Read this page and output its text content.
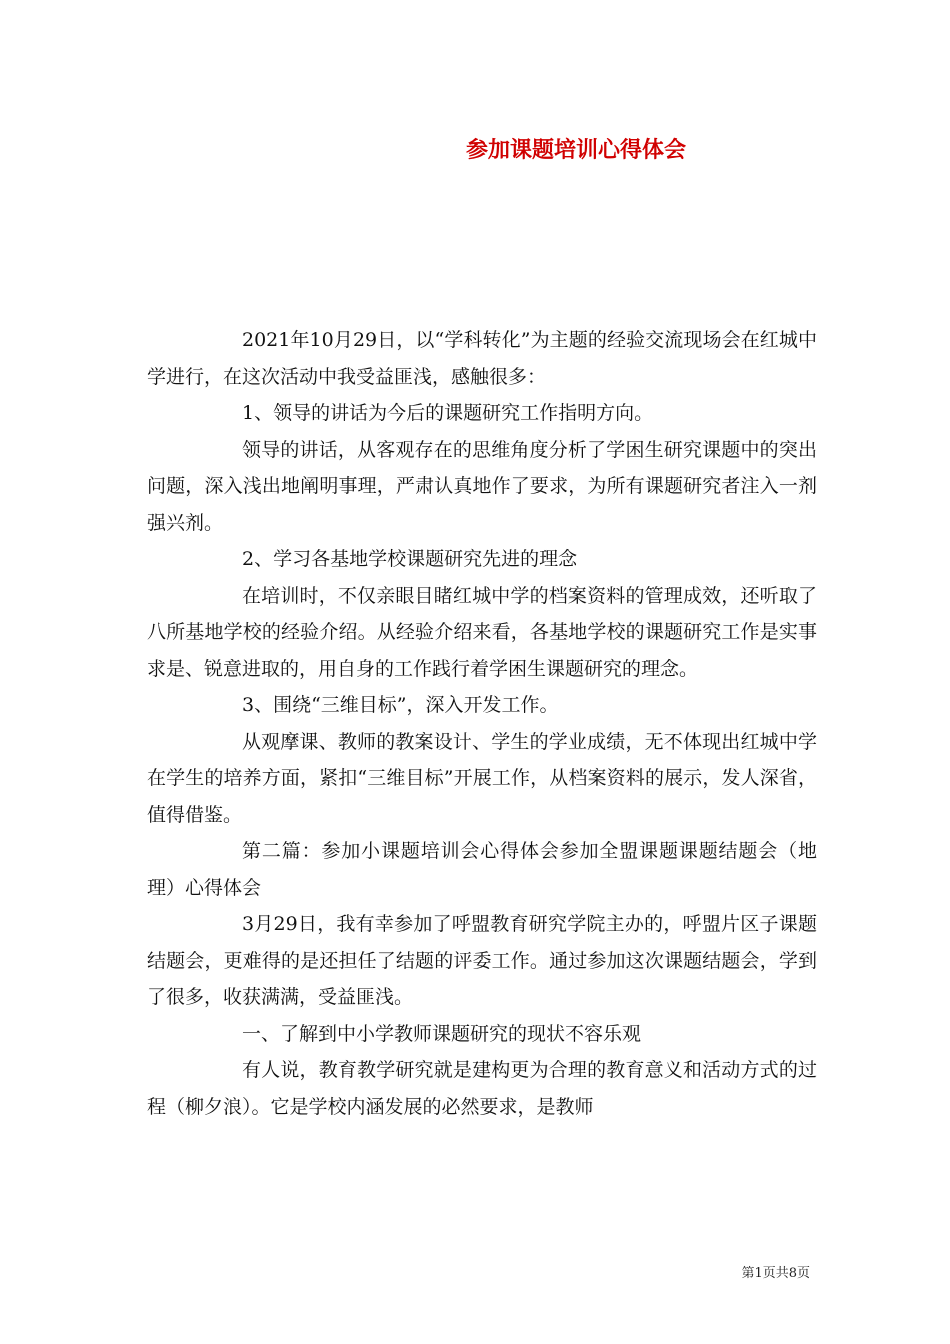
参加课题培训心得体会

2021年10月29日，以“学科转化”为主题的经验交流现场会在红城中学进行，在这次活动中我受益匪浅，感触很多：

1、领导的讲话为今后的课题研究工作指明方向。

领导的讲话，从客观存在的思维角度分析了学困生研究课题中的突出问题，深入浅出地阐明事理，严肃认真地作了要求，为所有课题研究者注入一剂强兴剂。

2、学习各基地学校课题研究先进的理念

在培训时，不仅亲眼目睹红城中学的档案资料的管理成效，还听取了八所基地学校的经验介绍。从经验介绍来看，各基地学校的课题研究工作是实事求是、锐意进取的，用自身的工作践行着学困生课题研究的理念。

3、围绕“三维目标”，深入开发工作。

从观摩课、教师的教案设计、学生的学业成绩，无不体现出红城中学在学生的培养方面，紧扣“三维目标”开展工作，从档案资料的展示，发人深省，值得借鉴。

第二篇：参加小课题培训会心得体会参加全盟课题课题结题会（地理）心得体会

3月29日，我有幸参加了呼盟教育研究学院主办的，呼盟片区子课题结题会，更难得的是还担任了结题的评委工作。通过参加这次课题结题会，学到了很多，收获满满，受益匪浅。

一、了解到中小学教师课题研究的现状不容乐观

有人说，教育教学研究就是建构更为合理的教育意义和活动方式的过程（柳夕浪）。它是学校内涵发展的必然要求，是教师

第1页共8页
